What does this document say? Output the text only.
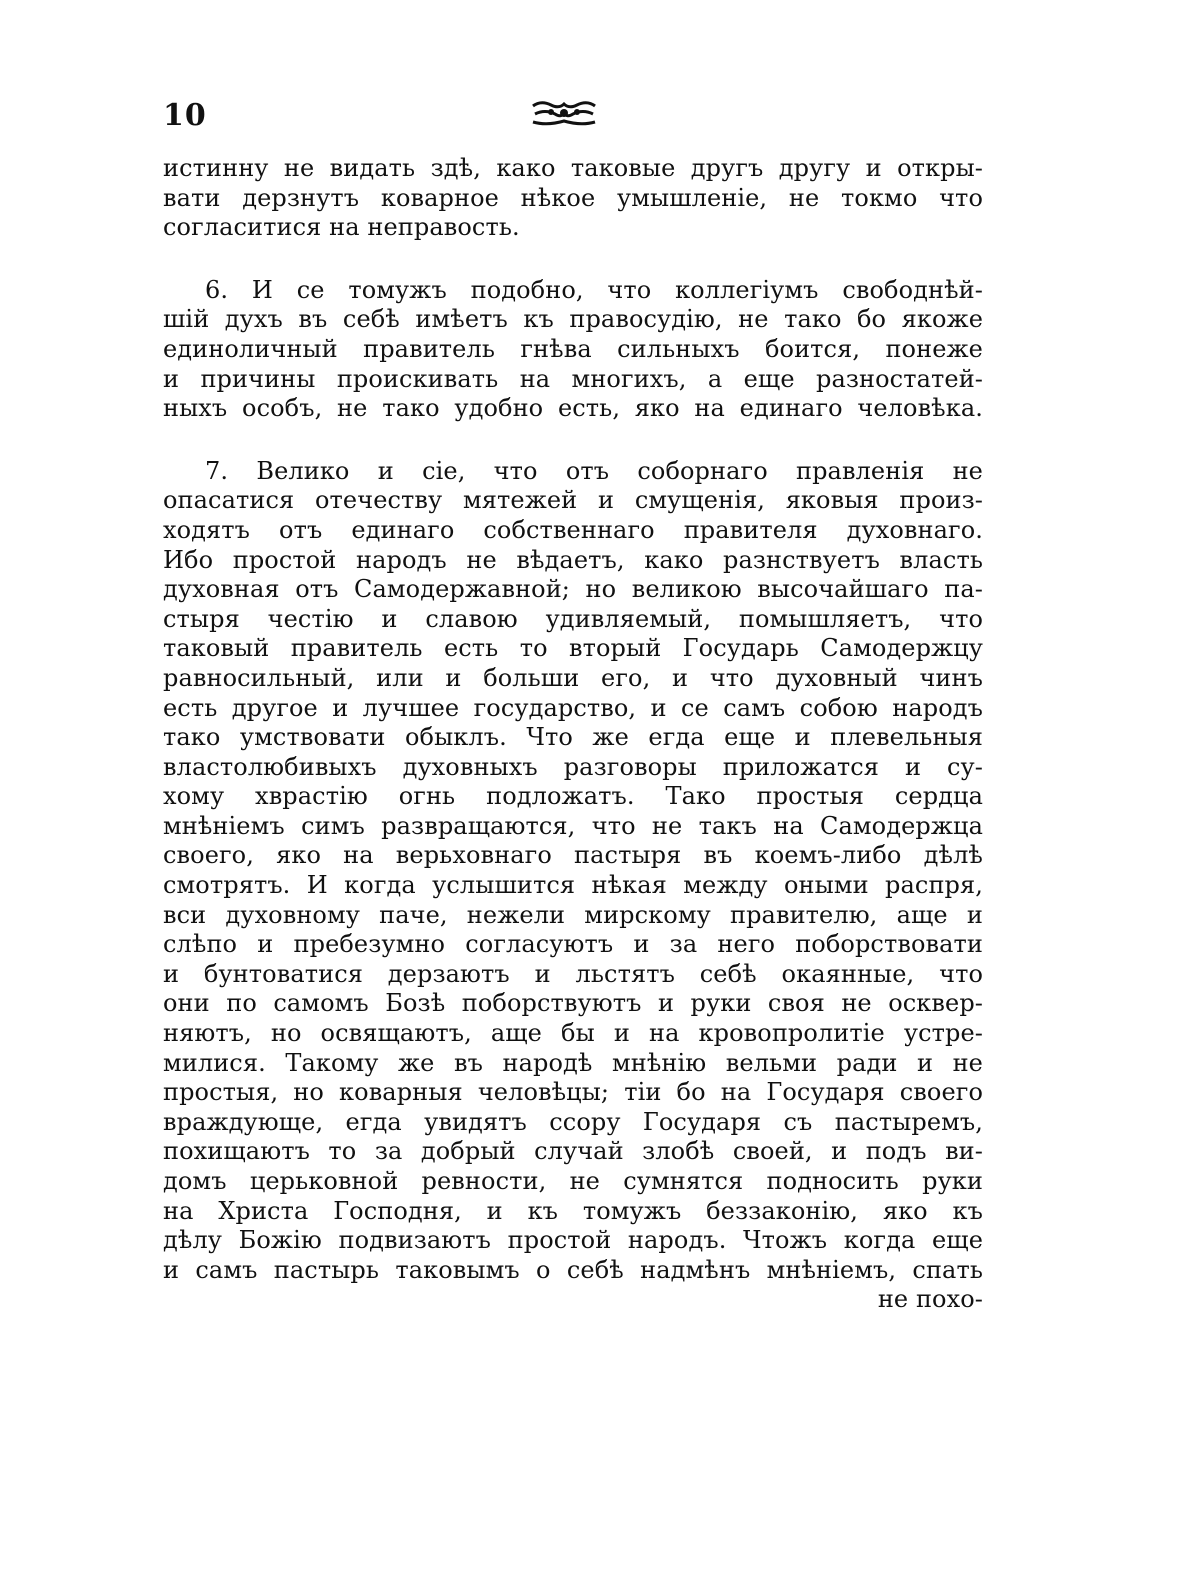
10
истинну не видать здѣ, како таковые другъ другу и откры-
вати дерзнутъ коварное нѣкое умышленіе, не токмо что
согласитися на неправость.
6. И се томужъ подобно, что коллегіумъ свободнѣй-
шій духъ въ себѣ имѣетъ къ правосудію, не тако бо якоже
единоличный правитель гнѣва сильныхъ боится, понеже
и причины проискивать на многихъ, а еще разностатей-
ныхъ особъ, не тако удобно есть, яко на единаго человѣка.
7. Велико и сіе, что отъ соборнаго правленія не
опасатися отечеству мятежей и смущенія, яковыя произ-
ходятъ отъ единаго собственнаго правителя духовнаго.
Ибо простой народъ не вѣдаетъ, како разнствуетъ власть
духовная отъ Самодержавной; но великою высочайшаго па-
стыря честію и славою удивляемый, помышляетъ, что
таковый правитель есть то вторый Государь Самодержцу
равносильный, или и больши его, и что духовный чинъ
есть другое и лучшее государство, и се самъ собою народъ
тако умствовати обыклъ. Что же егда еще и плевельныя
властолюбивыхъ духовныхъ разговоры приложатся и су-
хому хврастію огнь подложатъ. Тако простыя сердца
мнѣніемъ симъ развращаются, что не такъ на Самодержца
своего, яко на верьховнаго пастыря въ коемъ-либо дѣлѣ
смотрятъ. И когда услышится нѣкая между оными распря,
вси духовному паче, нежели мирскому правителю, аще и
слѣпо и пребезумно согласуютъ и за него поборствовати
и бунтоватися дерзаютъ и льстятъ себѣ окаянные, что
они по самомъ Бозѣ поборствуютъ и руки своя не осквер-
няютъ, но освящаютъ, аще бы и на кровопролитіе устре-
милися. Такому же въ народѣ мнѣнію вельми ради и не
простыя, но коварныя человѣцы; тіи бо на Государя своего
враждующе, егда увидятъ ссору Государя съ пастыремъ,
похищаютъ то за добрый случай злобѣ своей, и подъ ви-
домъ церьковной ревности, не сумнятся подносить руки
на Христа Господня, и къ томужъ беззаконію, яко къ
дѣлу Божію подвизаютъ простой народъ. Чтожъ когда еще
и самъ пастырь таковымъ о себѣ надмѣнъ мнѣніемъ, спать
не похо-
